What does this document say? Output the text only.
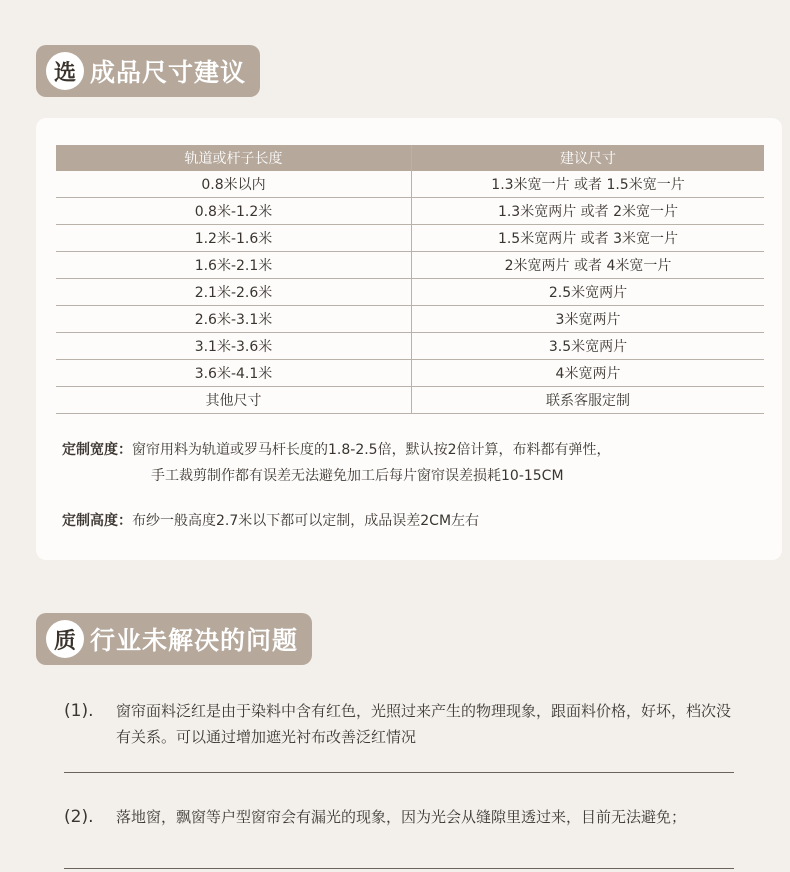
选 成品尺寸建议
轨道或杆子长度	建议尺寸
0.8米以内	1.3米宽一片 或者 1.5米宽一片
0.8米-1.2米	1.3米宽两片 或者 2米宽一片
1.2米-1.6米	1.5米宽两片 或者 3米宽一片
1.6米-2.1米	2米宽两片 或者 4米宽一片
2.1米-2.6米	2.5米宽两片
2.6米-3.1米	3米宽两片
3.1米-3.6米	3.5米宽两片
3.6米-4.1米	4米宽两片
其他尺寸	联系客服定制
定制宽度：窗帘用料为轨道或罗马杆长度的1.8-2.5倍，默认按2倍计算，布料都有弹性，
手工裁剪制作都有误差无法避免加工后每片窗帘误差损耗10-15CM
定制高度：布纱一般高度2.7米以下都可以定制，成品误差2CM左右
质 行业未解决的问题
(1). 窗帘面料泛红是由于染料中含有红色，光照过来产生的物理现象，跟面料价格，好坏，档次没有关系。可以通过增加遮光衬布改善泛红情况
(2). 落地窗，飘窗等户型窗帘会有漏光的现象，因为光会从缝隙里透过来，目前无法避免；
